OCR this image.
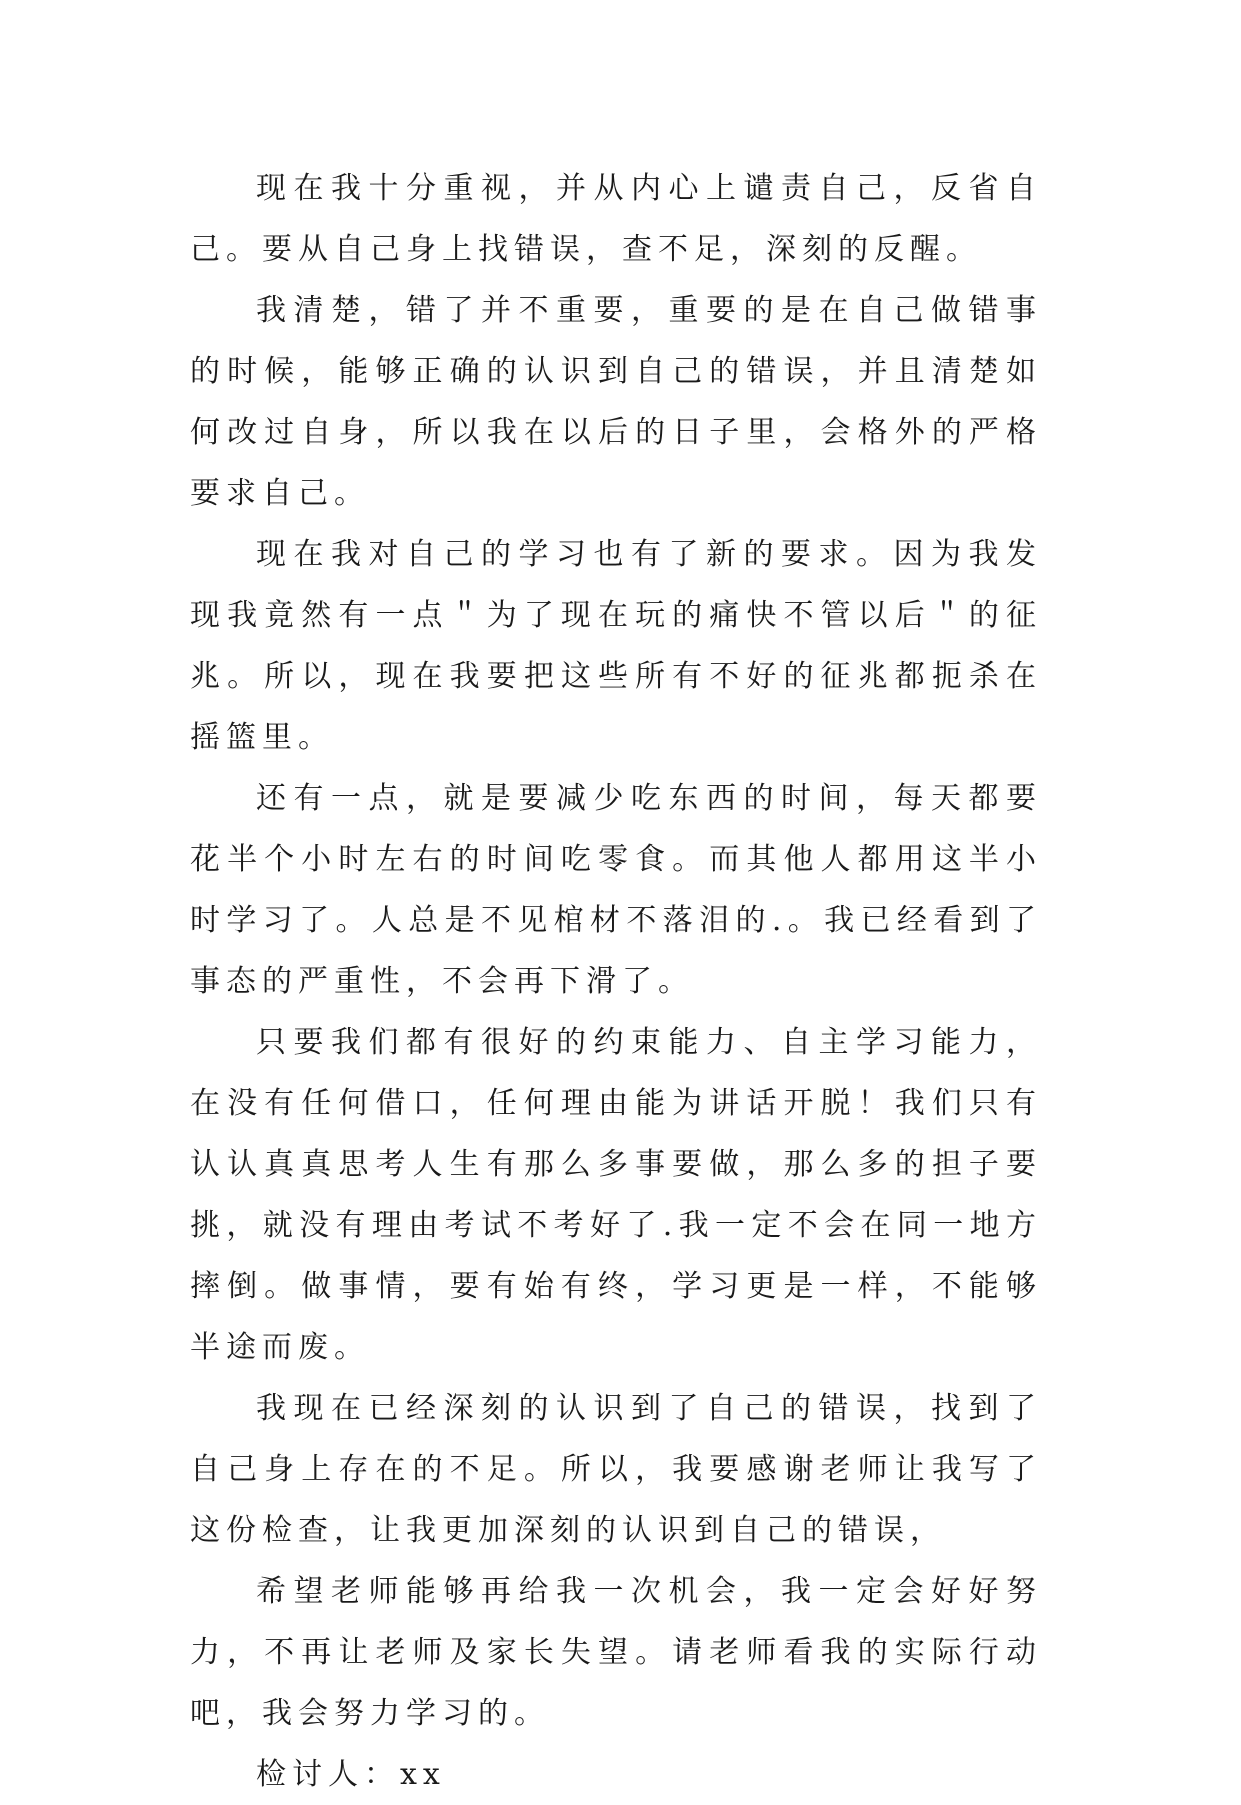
现在我十分重视，并从内心上谴责自己，反省自己。要从自己身上找错误，查不足，深刻的反醒。

我清楚，错了并不重要，重要的是在自己做错事的时候，能够正确的认识到自己的错误，并且清楚如何改过自身，所以我在以后的日子里，会格外的严格要求自己。

现在我对自己的学习也有了新的要求。因为我发现我竟然有一点＂为了现在玩的痛快不管以后＂的征兆。所以，现在我要把这些所有不好的征兆都扼杀在摇篮里。

还有一点，就是要减少吃东西的时间，每天都要花半个小时左右的时间吃零食。而其他人都用这半小时学习了。人总是不见棺材不落泪的.。我已经看到了事态的严重性，不会再下滑了。

只要我们都有很好的约束能力、自主学习能力，在没有任何借口，任何理由能为讲话开脱！我们只有认认真真思考人生有那么多事要做，那么多的担子要挑，就没有理由考试不考好了.我一定不会在同一地方摔倒。做事情，要有始有终，学习更是一样，不能够半途而废。

我现在已经深刻的认识到了自己的错误，找到了自己身上存在的不足。所以，我要感谢老师让我写了这份检查，让我更加深刻的认识到自己的错误，

希望老师能够再给我一次机会，我一定会好好努力，不再让老师及家长失望。请老师看我的实际行动吧，我会努力学习的。

检讨人：xx
